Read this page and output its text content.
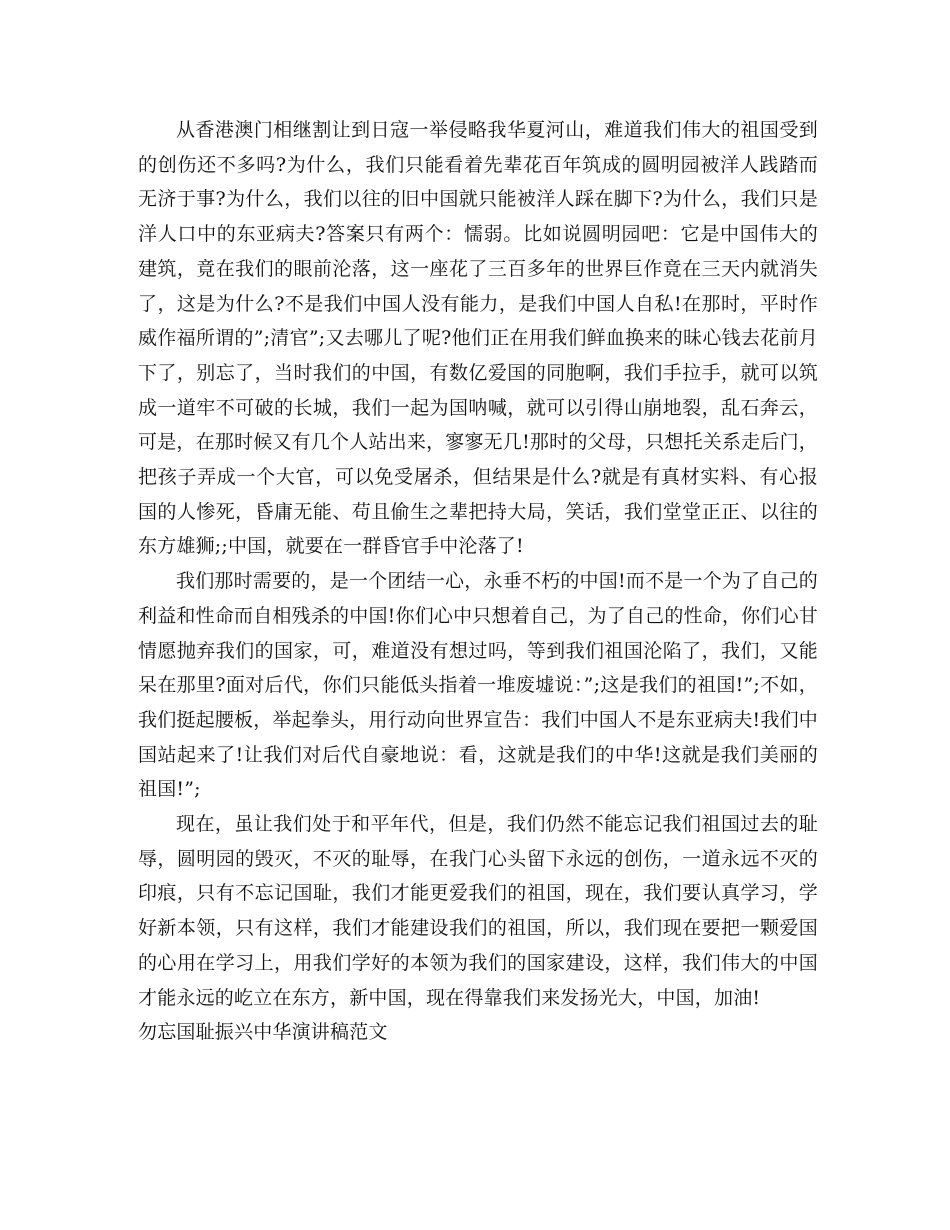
从香港澳门相继割让到日寇一举侵略我华夏河山，难道我们伟大的祖国受到的创伤还不多吗?为什么，我们只能看着先辈花百年筑成的圆明园被洋人践踏而无济于事?为什么，我们以往的旧中国就只能被洋人踩在脚下?为什么，我们只是洋人口中的东亚病夫?答案只有两个：懦弱。比如说圆明园吧：它是中国伟大的建筑，竟在我们的眼前沦落，这一座花了三百多年的世界巨作竟在三天内就消失了，这是为什么?不是我们中国人没有能力，是我们中国人自私!在那时，平时作威作福所谓的”;清官”;又去哪儿了呢?他们正在用我们鲜血换来的昧心钱去花前月下了，别忘了，当时我们的中国，有数亿爱国的同胞啊，我们手拉手，就可以筑成一道牢不可破的长城，我们一起为国呐喊，就可以引得山崩地裂，乱石奔云，可是，在那时候又有几个人站出来，寥寥无几!那时的父母，只想托关系走后门，把孩子弄成一个大官，可以免受屠杀，但结果是什么?就是有真材实料、有心报国的人惨死，昏庸无能、苟且偷生之辈把持大局，笑话，我们堂堂正正、以往的东方雄狮;;中国，就要在一群昏官手中沦落了!

我们那时需要的，是一个团结一心，永垂不朽的中国!而不是一个为了自己的利益和性命而自相残杀的中国!你们心中只想着自己，为了自己的性命，你们心甘情愿抛弃我们的国家，可，难道没有想过吗，等到我们祖国沦陷了，我们，又能呆在那里?面对后代，你们只能低头指着一堆废墟说：”;这是我们的祖国!”;不如，我们挺起腰板，举起拳头，用行动向世界宣告：我们中国人不是东亚病夫!我们中国站起来了!让我们对后代自豪地说：看，这就是我们的中华!这就是我们美丽的祖国!”;

现在，虽让我们处于和平年代，但是，我们仍然不能忘记我们祖国过去的耻辱，圆明园的毁灭，不灭的耻辱，在我门心头留下永远的创伤，一道永远不灭的印痕，只有不忘记国耻，我们才能更爱我们的祖国，现在，我们要认真学习，学好新本领，只有这样，我们才能建设我们的祖国，所以，我们现在要把一颗爱国的心用在学习上，用我们学好的本领为我们的国家建设，这样，我们伟大的中国才能永远的屹立在东方，新中国，现在得靠我们来发扬光大，中国，加油!

勿忘国耻振兴中华演讲稿范文
